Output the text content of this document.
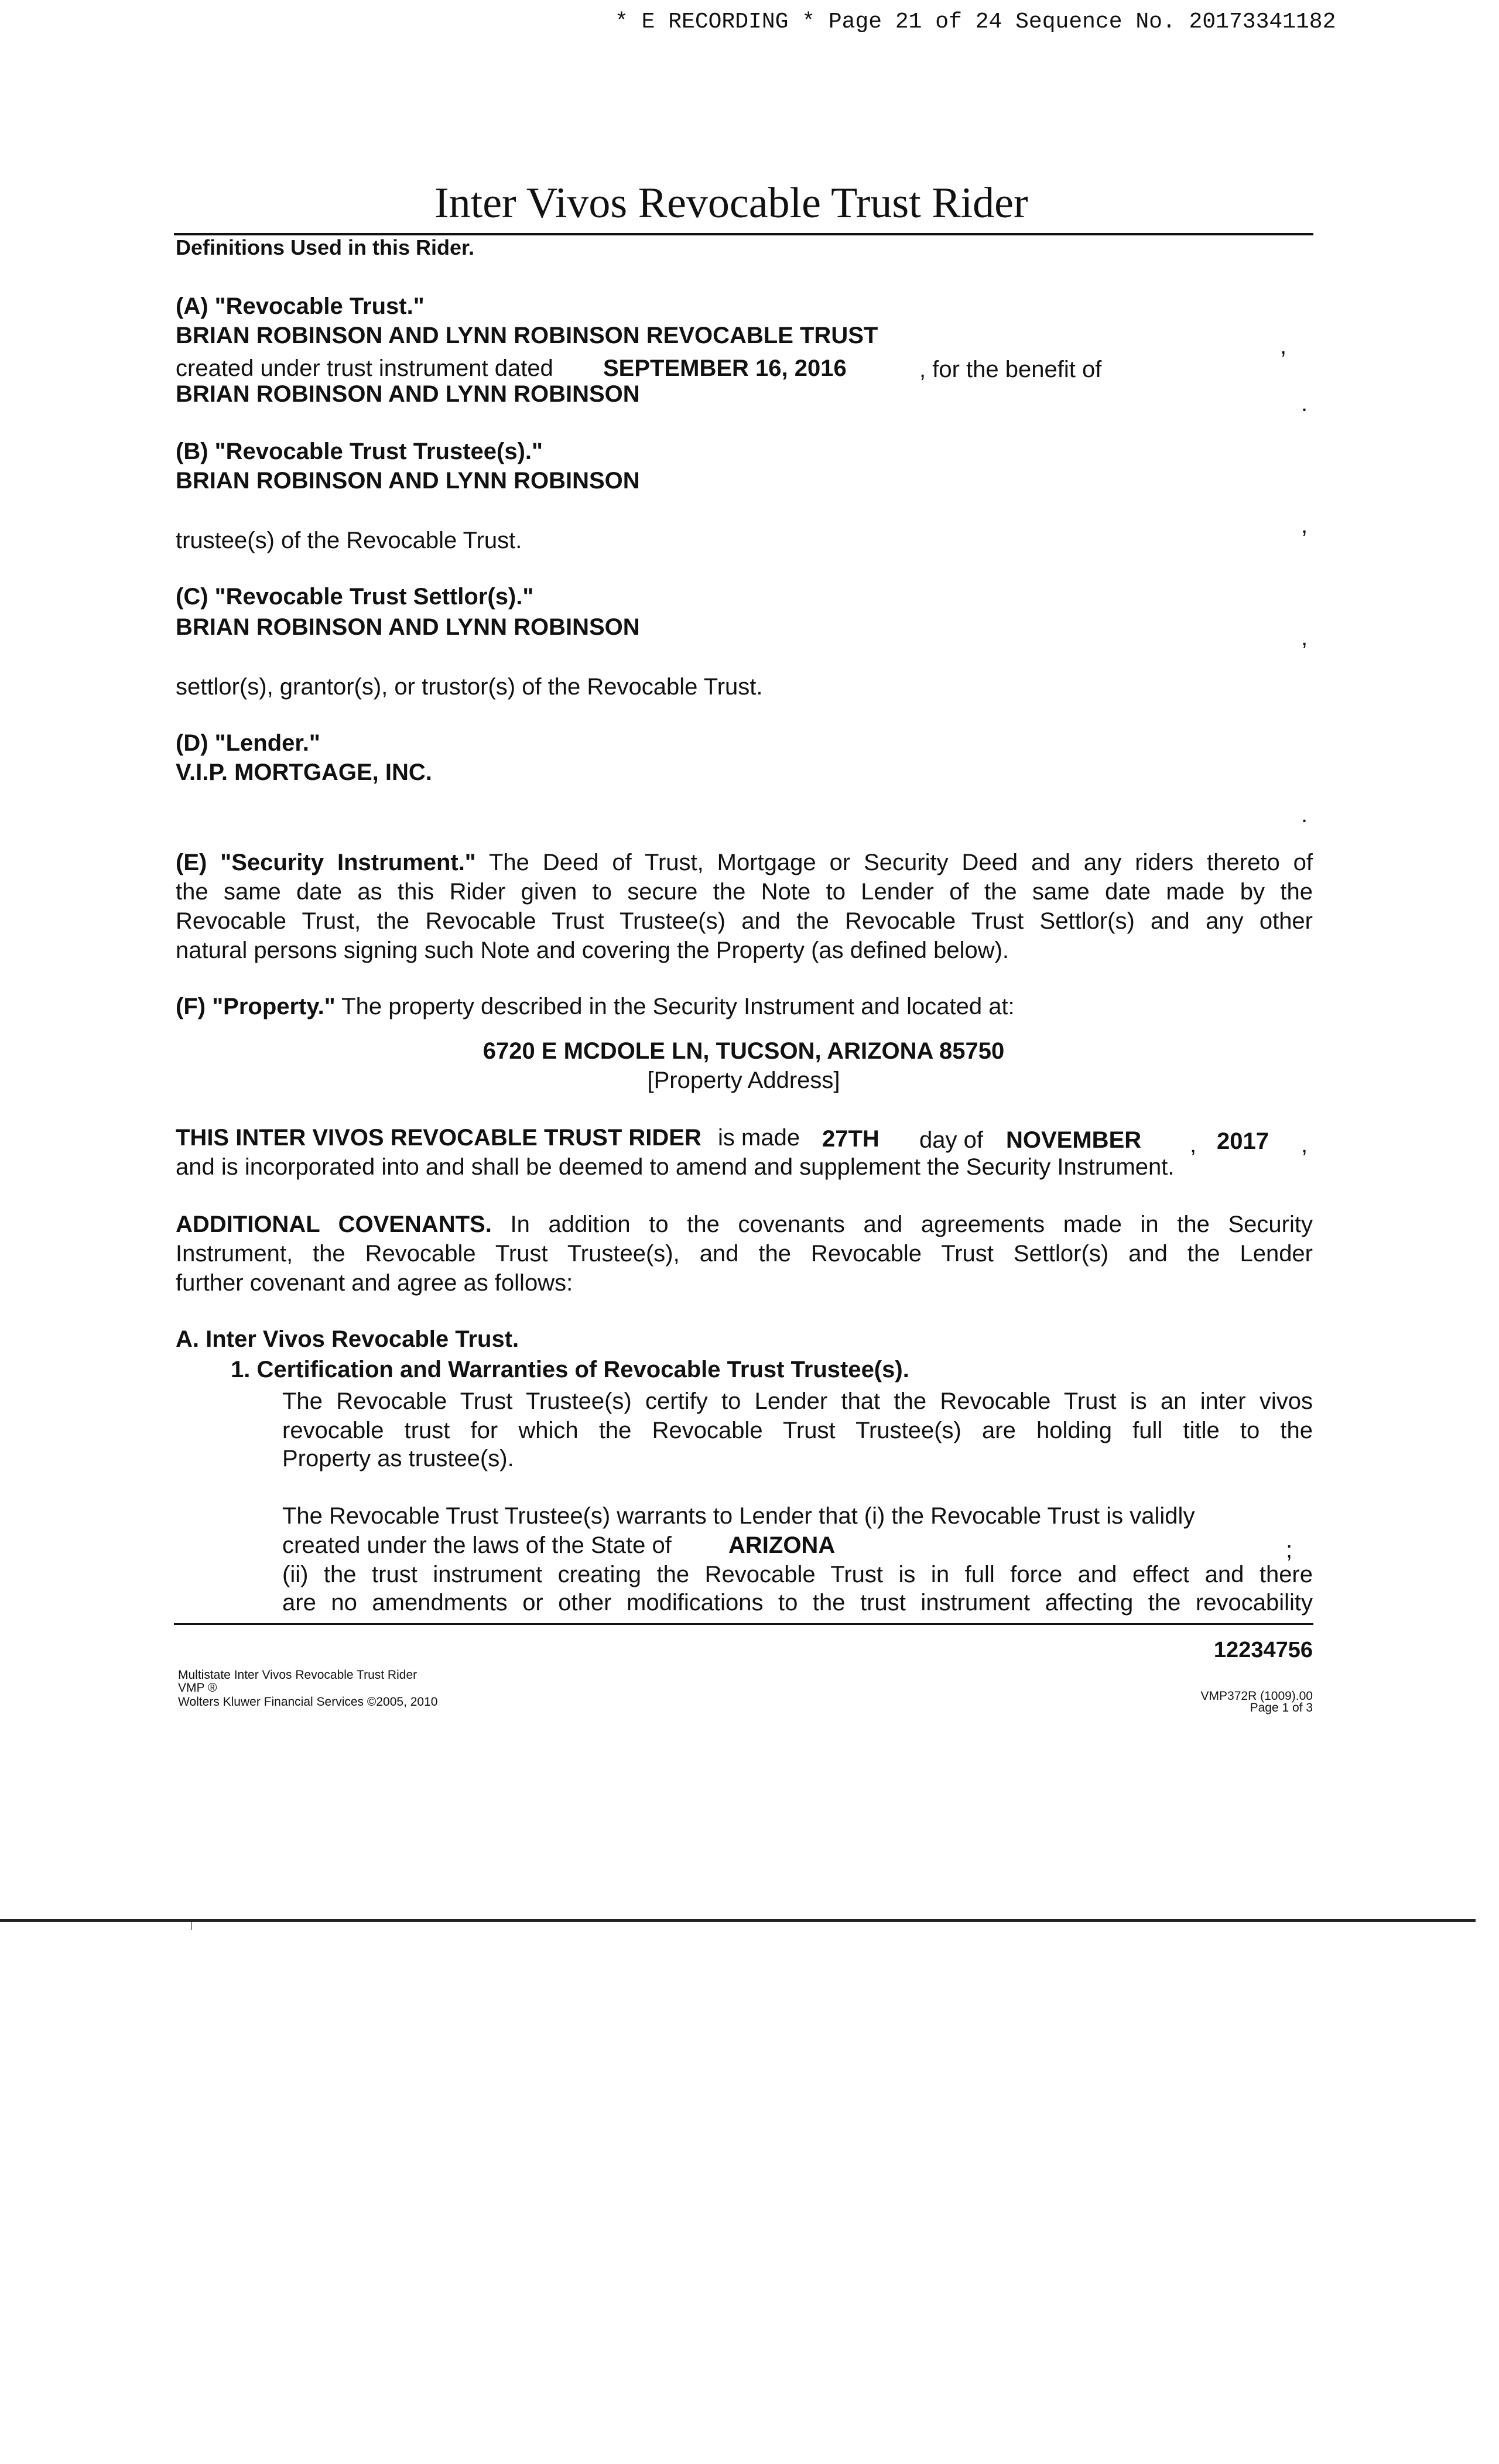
* E RECORDING * Page 21 of 24 Sequence No. 20173341182
Inter Vivos Revocable Trust Rider
Definitions Used in this Rider.
(A) "Revocable Trust."
BRIAN ROBINSON AND LYNN ROBINSON REVOCABLE TRUST	,
created under trust instrument dated SEPTEMBER 16, 2016	, for the benefit of
BRIAN ROBINSON AND LYNN ROBINSON	.
(B) "Revocable Trust Trustee(s)."
BRIAN ROBINSON AND LYNN ROBINSON
,
trustee(s) of the Revocable Trust.
(C) "Revocable Trust Settlor(s)."
BRIAN ROBINSON AND LYNN ROBINSON	,
settlor(s), grantor(s), or trustor(s) of the Revocable Trust.
(D) "Lender."
V.I.P. MORTGAGE, INC.
.
(E) "Security Instrument." The Deed of Trust, Mortgage or Security Deed and any riders thereto of
the same date as this Rider given to secure the Note to Lender of the same date made by the
Revocable Trust, the Revocable Trust Trustee(s) and the Revocable Trust Settlor(s) and any other
natural persons signing such Note and covering the Property (as defined below).
(F) "Property." The property described in the Security Instrument and located at:
6720 E MCDOLE LN, TUCSON, ARIZONA 85750
[Property Address]
THIS INTER VIVOS REVOCABLE TRUST RIDER is made 27TH day of NOVEMBER , 2017 ,
and is incorporated into and shall be deemed to amend and supplement the Security Instrument.
ADDITIONAL COVENANTS. In addition to the covenants and agreements made in the Security
Instrument, the Revocable Trust Trustee(s), and the Revocable Trust Settlor(s) and the Lender
further covenant and agree as follows:
A. Inter Vivos Revocable Trust.
1. Certification and Warranties of Revocable Trust Trustee(s).
The Revocable Trust Trustee(s) certify to Lender that the Revocable Trust is an inter vivos
revocable trust for which the Revocable Trust Trustee(s) are holding full title to the
Property as trustee(s).
The Revocable Trust Trustee(s) warrants to Lender that (i) the Revocable Trust is validly
created under the laws of the State of ARIZONA	;
(ii) the trust instrument creating the Revocable Trust is in full force and effect and there
are no amendments or other modifications to the trust instrument affecting the revocability
12234756
Multistate Inter Vivos Revocable Trust Rider
VMP ®
Wolters Kluwer Financial Services ©2005, 2010	VMP372R (1009).00
Page 1 of 3
